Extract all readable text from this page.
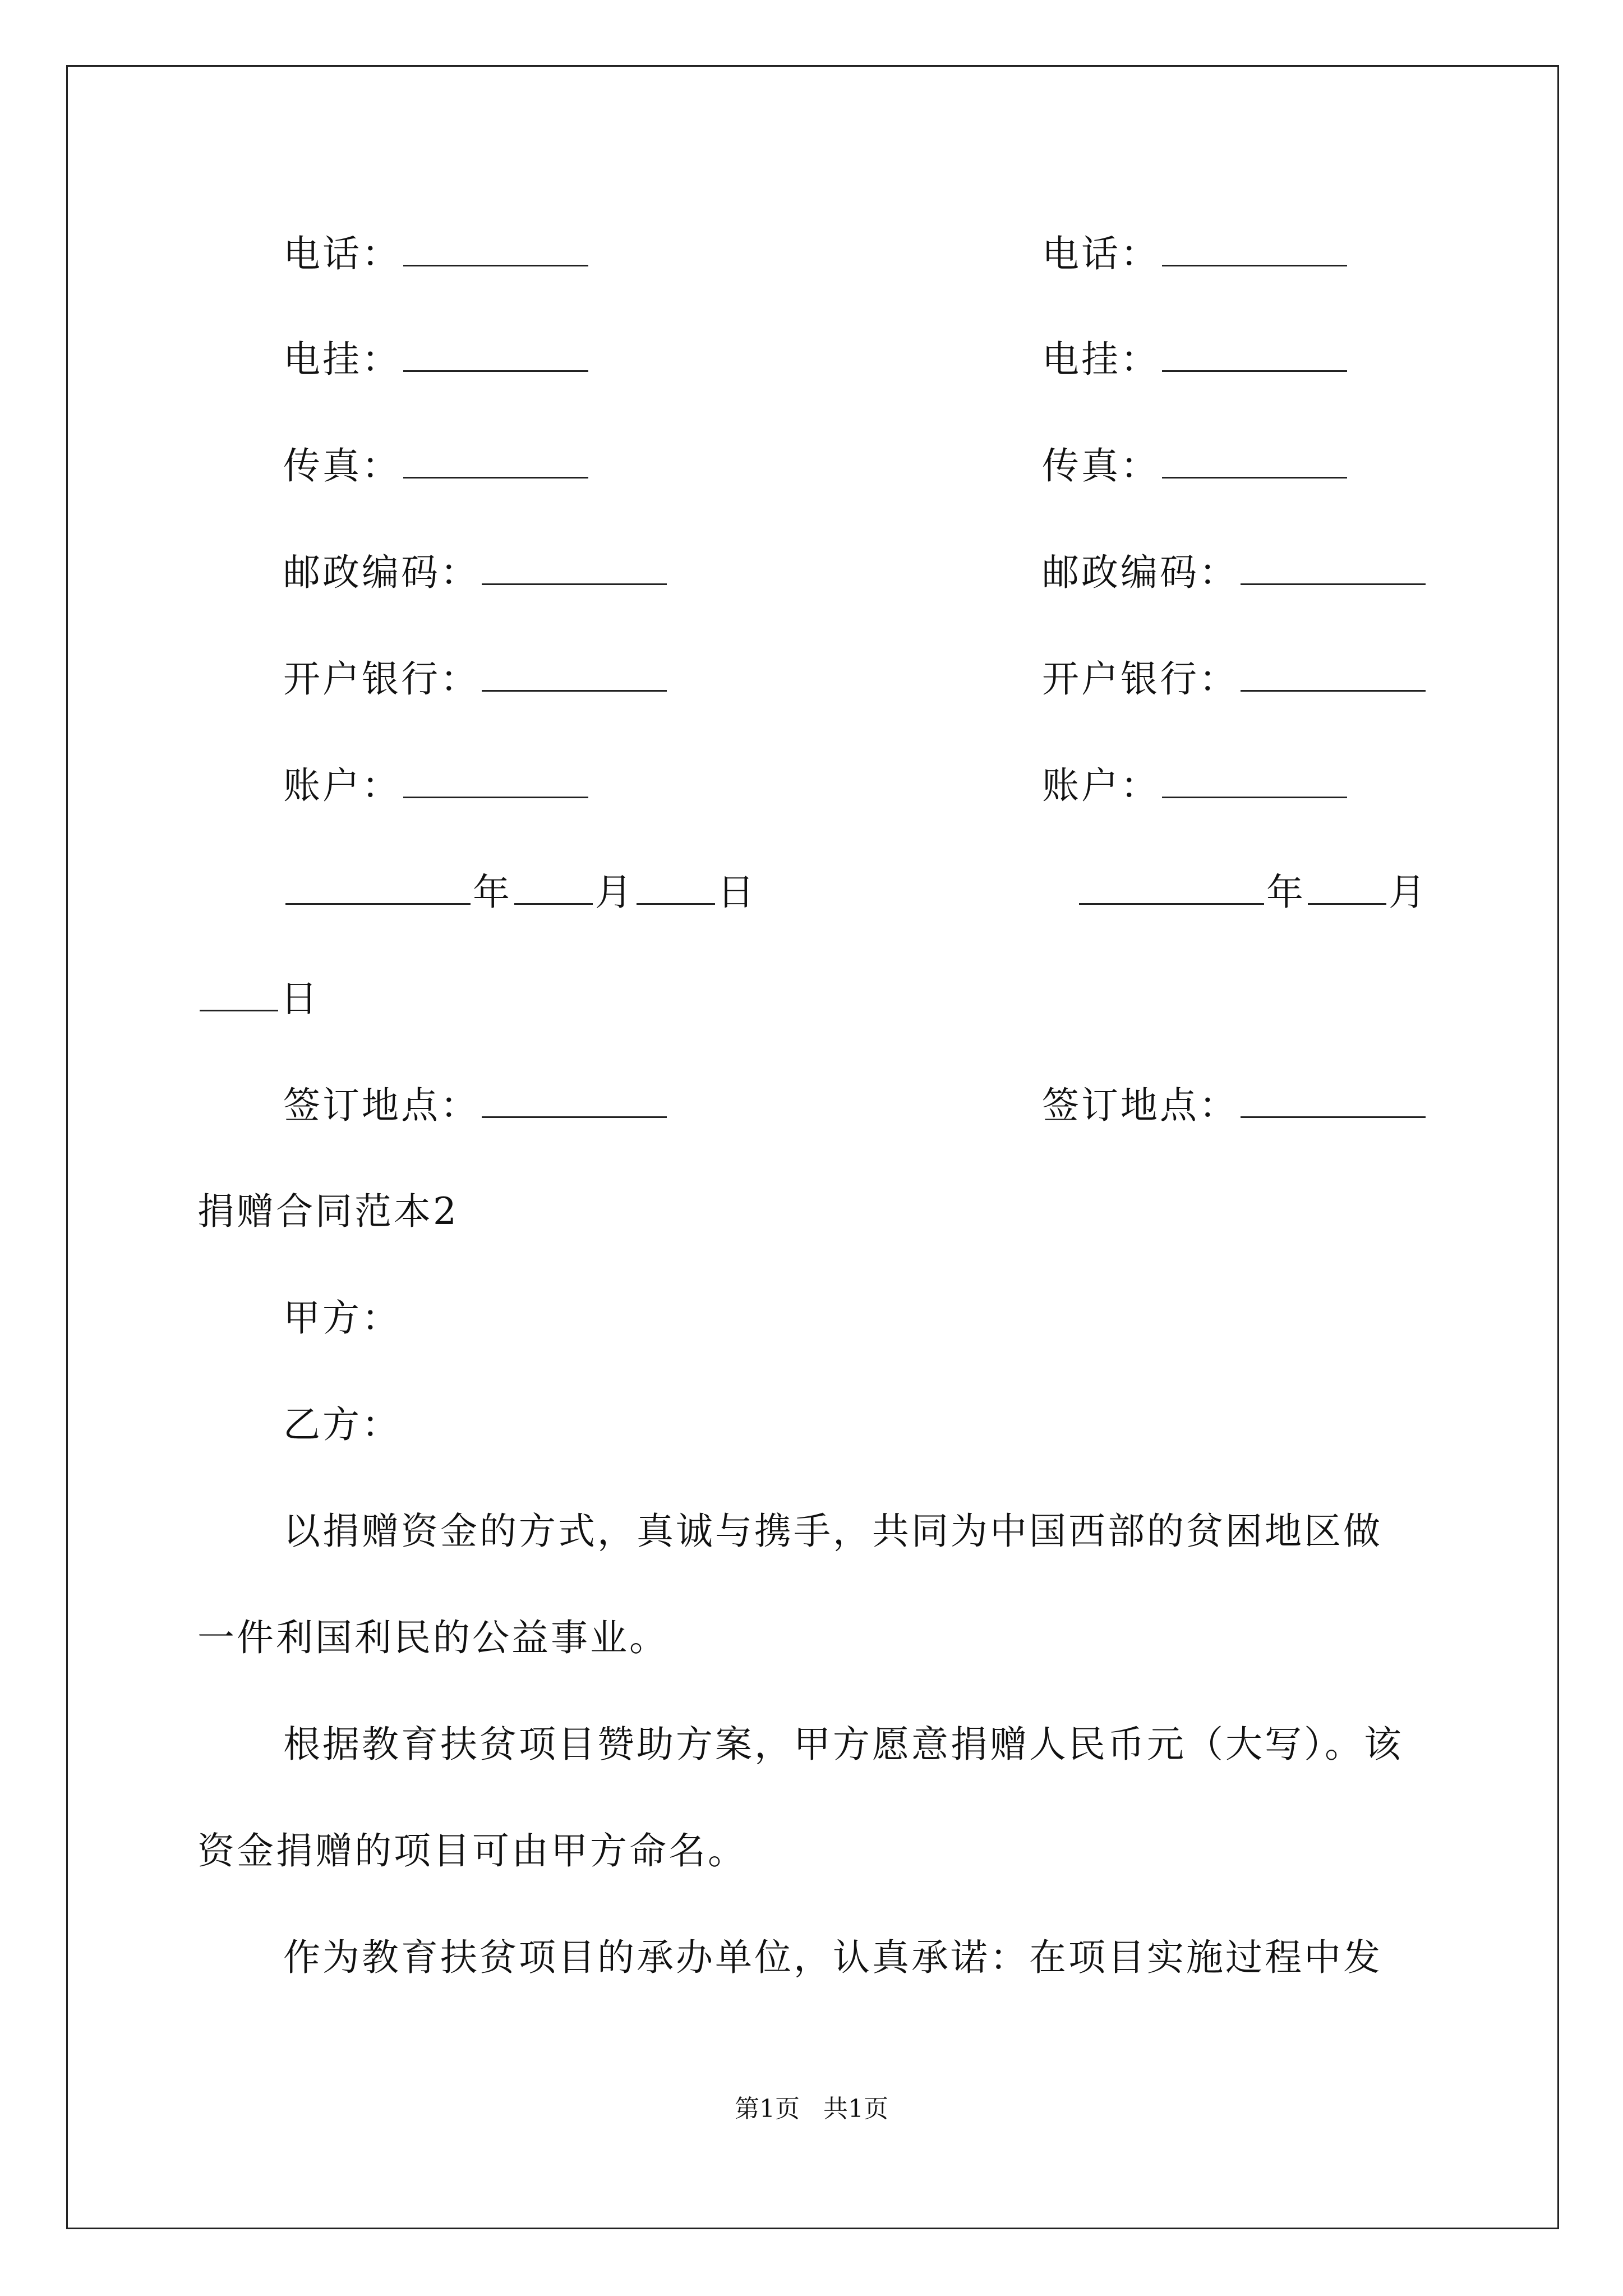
电话：
电挂：
传真：
邮政编码：
开户银行：
账户：
年 月 日
签订地点：
电话：
电挂：
传真：
邮政编码：
开户银行：
账户：
年 月
日
签订地点：
捐赠合同范本2
甲方：
乙方：
以捐赠资金的方式，真诚与携手，共同为中国西部的贫困地区做
一件利国利民的公益事业。
根据教育扶贫项目赞助方案，甲方愿意捐赠人民币元（大写）。该
资金捐赠的项目可由甲方命名。
作为教育扶贫项目的承办单位，认真承诺：在项目实施过程中发
第1页   共1页
